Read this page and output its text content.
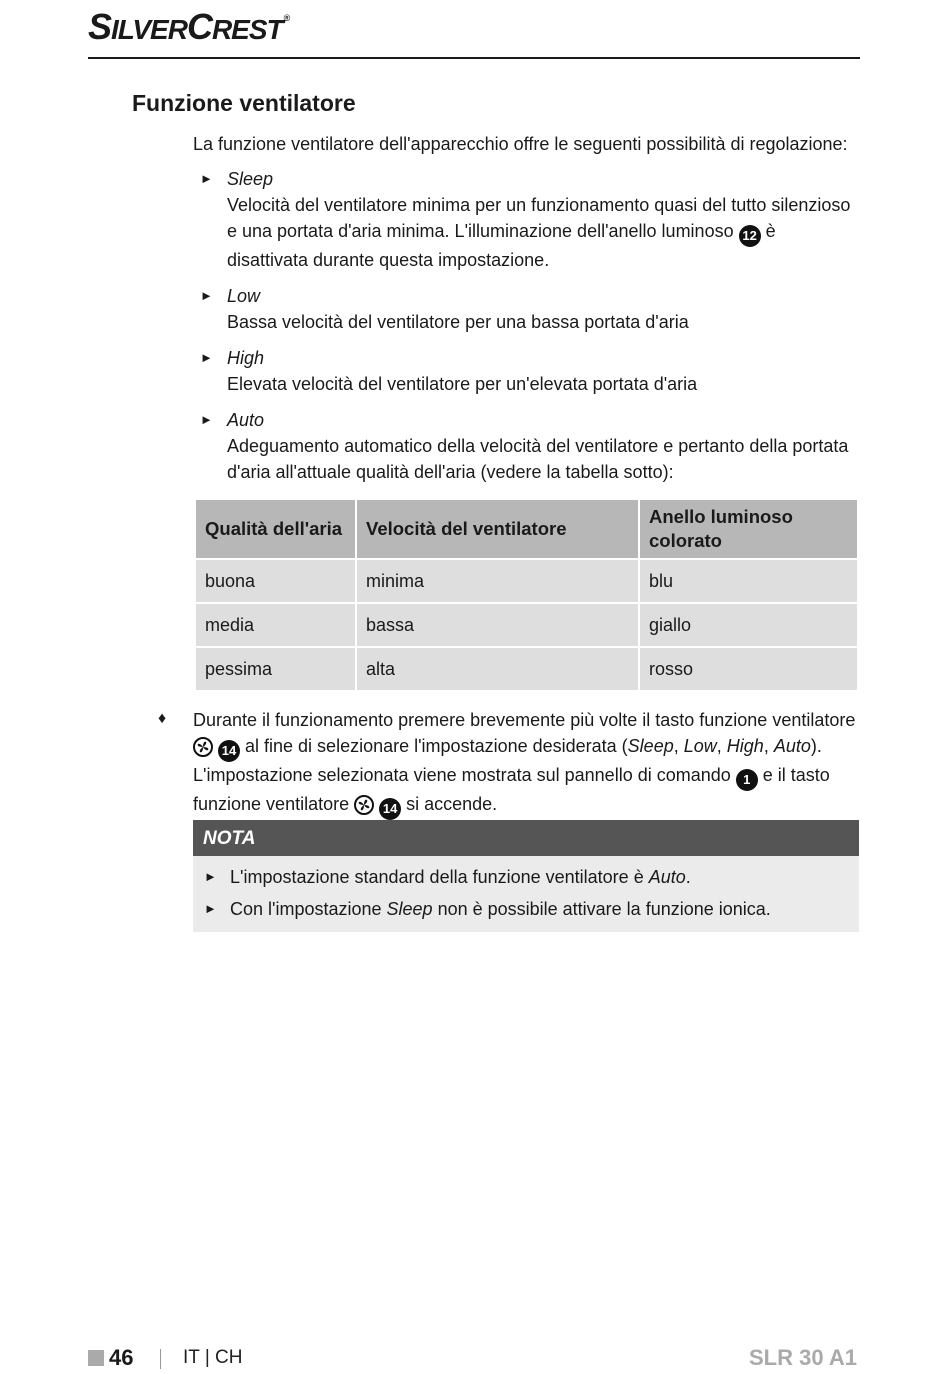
SILVERCREST®
Funzione ventilatore

La funzione ventilatore dell'apparecchio offre le seguenti possibilità di regolazione:

► Sleep
Velocità del ventilatore minima per un funzionamento quasi del tutto silenzioso e una portata d'aria minima. L'illuminazione dell'anello luminoso 12 è disattivata durante questa impostazione.
► Low
Bassa velocità del ventilatore per una bassa portata d'aria
► High
Elevata velocità del ventilatore per un'elevata portata d'aria
► Auto
Adeguamento automatico della velocità del ventilatore e pertanto della portata d'aria all'attuale qualità dell'aria (vedere la tabella sotto):
Qualità dell'aria	Velocità del ventilatore	Anello luminoso colorato
buona	minima	blu
media	bassa	giallo
pessima	alta	rosso
♦ Durante il funzionamento premere brevemente più volte il tasto funzione ventilatore
14 al fine di selezionare l'impostazione desiderata (Sleep, Low, High, Auto). L'impostazione selezionata viene mostrata sul pannello di comando 1 e il tasto funzione ventilatore
14 si accende.

NOTA
► L'impostazione standard della funzione ventilatore è Auto.
► Con l'impostazione Sleep non è possibile attivare la funzione ionica.
46	IT | CH	SLR 30 A1
